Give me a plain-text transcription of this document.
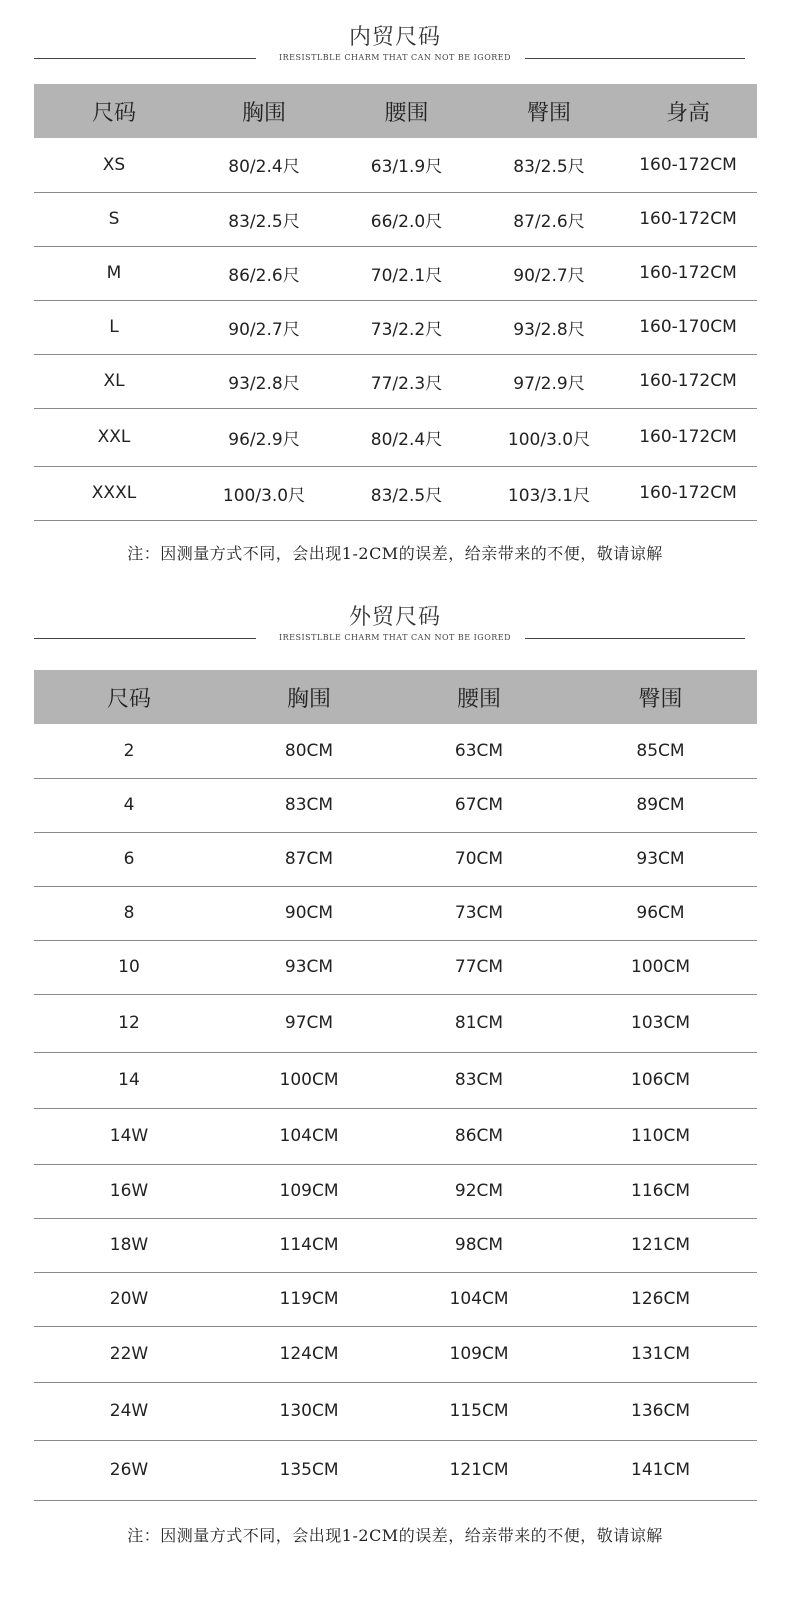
内贸尺码
IRESISTLBLE CHARM THAT CAN NOT BE IGORED
尺码	胸围	腰围	臀围	身高
XS	80/2.4尺	63/1.9尺	83/2.5尺	160-172CM
S	83/2.5尺	66/2.0尺	87/2.6尺	160-172CM
M	86/2.6尺	70/2.1尺	90/2.7尺	160-172CM
L	90/2.7尺	73/2.2尺	93/2.8尺	160-170CM
XL	93/2.8尺	77/2.3尺	97/2.9尺	160-172CM
XXL	96/2.9尺	80/2.4尺	100/3.0尺	160-172CM
XXXL	100/3.0尺	83/2.5尺	103/3.1尺	160-172CM
注：因测量方式不同，会出现1-2CM的误差，给亲带来的不便，敬请谅解
外贸尺码
IRESISTLBLE CHARM THAT CAN NOT BE IGORED
尺码	胸围	腰围	臀围
2	80CM	63CM	85CM
4	83CM	67CM	89CM
6	87CM	70CM	93CM
8	90CM	73CM	96CM
10	93CM	77CM	100CM
12	97CM	81CM	103CM
14	100CM	83CM	106CM
14W	104CM	86CM	110CM
16W	109CM	92CM	116CM
18W	114CM	98CM	121CM
20W	119CM	104CM	126CM
22W	124CM	109CM	131CM
24W	130CM	115CM	136CM
26W	135CM	121CM	141CM
注：因测量方式不同，会出现1-2CM的误差，给亲带来的不便，敬请谅解
